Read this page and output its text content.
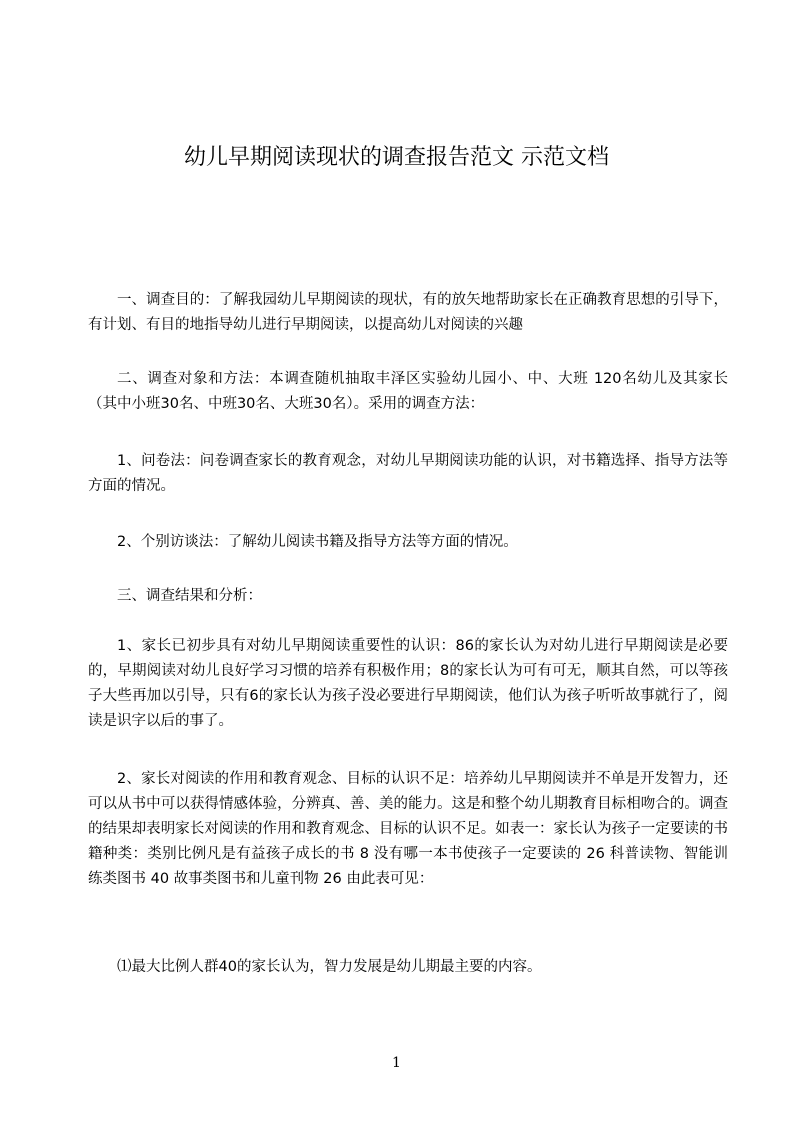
幼儿早期阅读现状的调查报告范文 示范文档

一、调查目的：了解我园幼儿早期阅读的现状，有的放矢地帮助家长在正确教育思想的引导下，有计划、有目的地指导幼儿进行早期阅读，以提高幼儿对阅读的兴趣

二、调查对象和方法：本调查随机抽取丰泽区实验幼儿园小、中、大班 120名幼儿及其家长（其中小班30名、中班30名、大班30名）。采用的调查方法：

1、问卷法：问卷调查家长的教育观念，对幼儿早期阅读功能的认识，对书籍选择、指导方法等方面的情况。

2、个别访谈法：了解幼儿阅读书籍及指导方法等方面的情况。

三、调查结果和分析：

1、家长已初步具有对幼儿早期阅读重要性的认识：86的家长认为对幼儿进行早期阅读是必要的，早期阅读对幼儿良好学习习惯的培养有积极作用；8的家长认为可有可无，顺其自然，可以等孩子大些再加以引导，只有6的家长认为孩子没必要进行早期阅读，他们认为孩子听听故事就行了，阅读是识字以后的事了。

2、家长对阅读的作用和教育观念、目标的认识不足：培养幼儿早期阅读并不单是开发智力，还可以从书中可以获得情感体验，分辨真、善、美的能力。这是和整个幼儿期教育目标相吻合的。调查的结果却表明家长对阅读的作用和教育观念、目标的认识不足。如表一：家长认为孩子一定要读的书籍种类：类别比例凡是有益孩子成长的书 8 没有哪一本书使孩子一定要读的 26 科普读物、智能训练类图书 40 故事类图书和儿童刊物 26 由此表可见：

⑴最大比例人群40的家长认为，智力发展是幼儿期最主要的内容。

1
